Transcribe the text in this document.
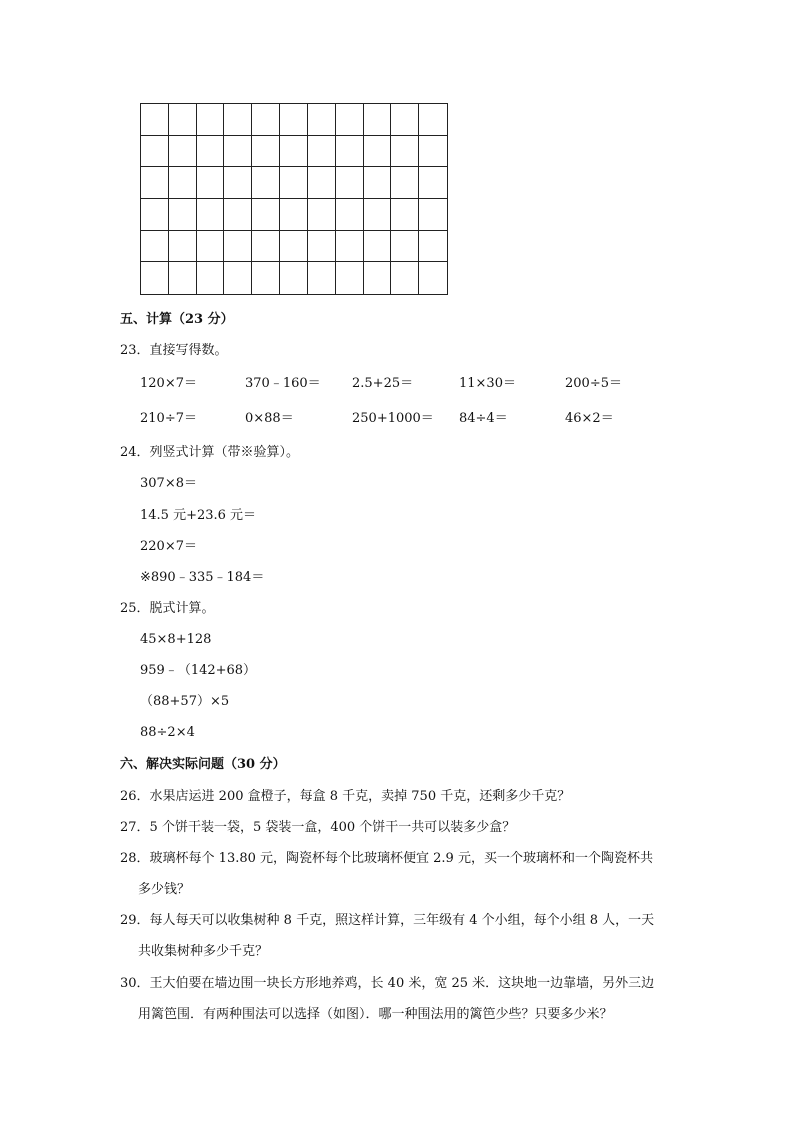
五、计算（23 分）
23．直接写得数。
120×7＝	370﹣160＝ 2.5+25＝	11×30＝	200÷5＝
210÷7＝	0×88＝	250+1000＝ 84÷4＝	46×2＝
24．列竖式计算（带※验算）。
307×8＝
14.5 元+23.6 元＝
220×7＝
※890﹣335﹣184＝
25．脱式计算。
45×8+128
959﹣（142+68）
（88+57）×5
88÷2×4
六、解决实际问题（30 分）
26．水果店运进 200 盒橙子，每盒 8 千克，卖掉 750 千克，还剩多少千克？
27．5 个饼干装一袋，5 袋装一盒，400 个饼干一共可以装多少盒？
28．玻璃杯每个 13.80 元，陶瓷杯每个比玻璃杯便宜 2.9 元，买一个玻璃杯和一个陶瓷杯共
多少钱？
29．每人每天可以收集树种 8 千克，照这样计算，三年级有 4 个小组，每个小组 8 人，一天
共收集树种多少千克？
30．王大伯要在墙边围一块长方形地养鸡，长 40 米，宽 25 米．这块地一边靠墙，另外三边
用篱笆围．有两种围法可以选择（如图）．哪一种围法用的篱笆少些？只要多少米？
